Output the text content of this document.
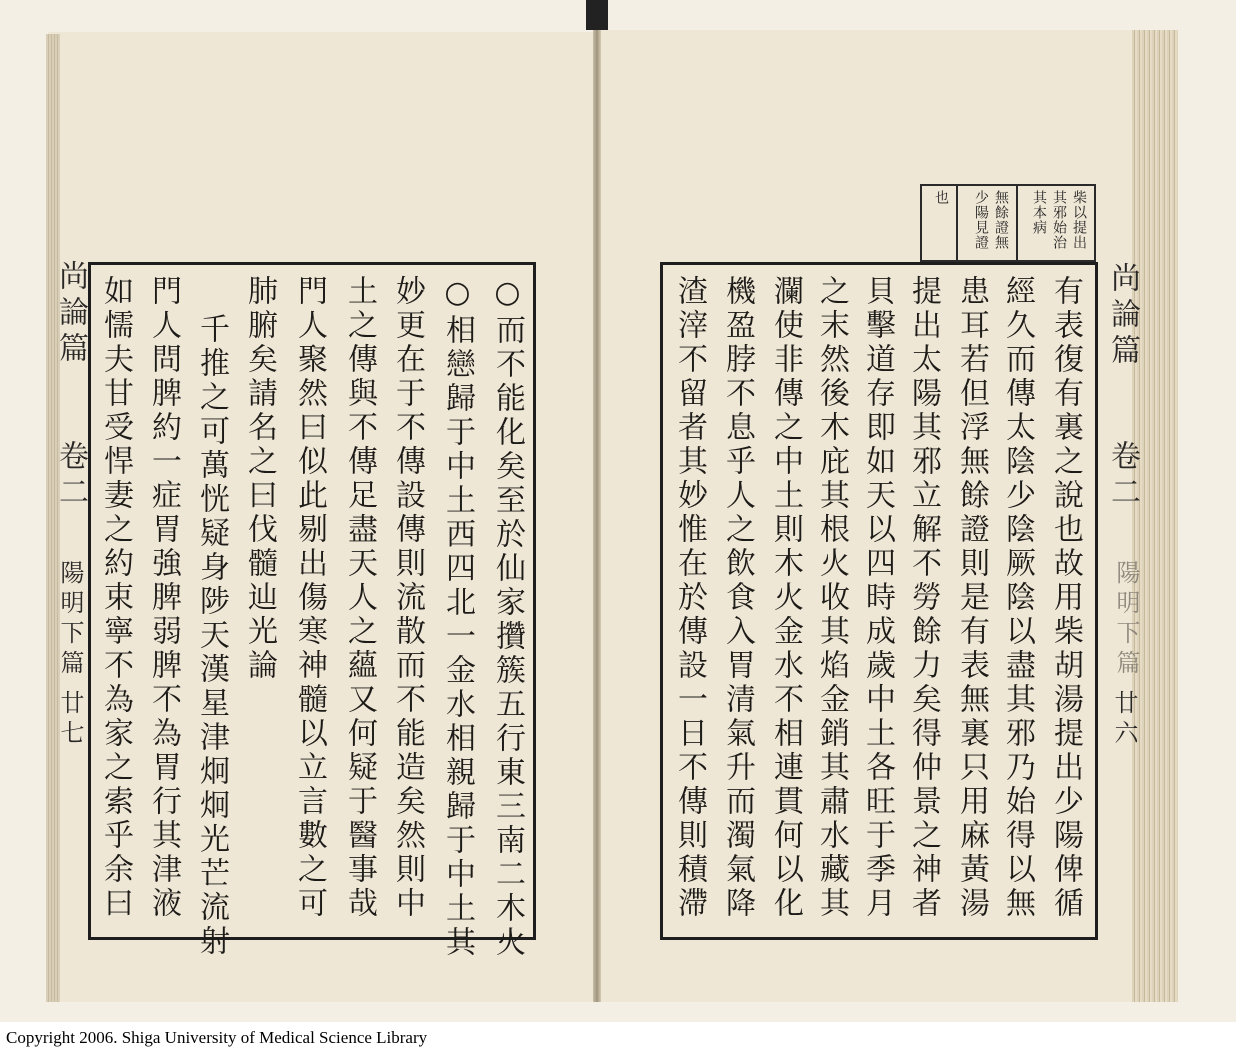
尚論篇
卷二
陽明下篇
廿七	○而不能化矣至於仙家攢簇五行東三南二木火
○相戀歸于中土西四北一金水相親歸于中土其
妙更在于不傳設傳則流散而不能造矣然則中
土之傳與不傳足盡天人之蘊又何疑于醫事哉
門人聚然曰似此剔出傷寒神髓以立言數之可
肺腑矣請名之曰伐髓辿光論
千推之可萬恍疑身陟天漢星津炯炯光芒流射
門人問脾約一症胃強脾弱脾不為胃行其津液
如懦夫甘受悍妻之約束寧不為家之索乎余曰
柴以提出
其邪始治
其本病
無餘證無
少陽見證
也
尚論篇
卷二
陽明下篇
廿六
有表復有裏之說也故用柴胡湯提出少陽俾循
經久而傳太陰少陰厥陰以盡其邪乃始得以無
患耳若但浮無餘證則是有表無裏只用麻黃湯
提出太陽其邪立解不勞餘力矣得仲景之神者
貝擊道存即如天以四時成歲中土各旺于季月
之末然後木庇其根火收其焰金銷其肅水藏其
瀾使非傳之中土則木火金水不相連貫何以化
機盈脖不息乎人之飲食入胃清氣升而濁氣降
渣滓不留者其妙惟在於傳設一日不傳則積滯
Copyright 2006. Shiga University of Medical Science Library
